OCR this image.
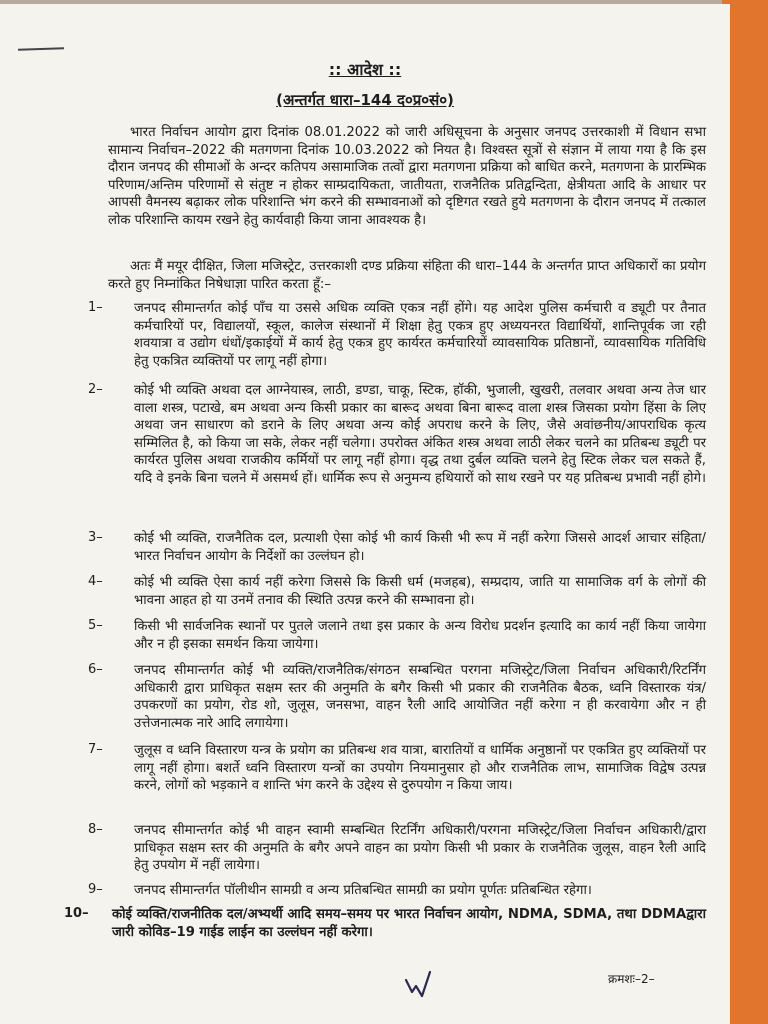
:: आदेश ::
(अन्तर्गत धारा–144 द०प्र०सं०)
भारत निर्वाचन आयोग द्वारा दिनांक 08.01.2022 को जारी अधिसूचना के अनुसार जनपद उत्तरकाशी में विधान सभा सामान्य निर्वाचन–2022 की मतगणना दिनांक 10.03.2022 को नियत है। विश्वस्त सूत्रों से संज्ञान में लाया गया है कि इस दौरान जनपद की सीमाओं के अन्दर कतिपय असामाजिक तत्वों द्वारा मतगणना प्रक्रिया को बाधित करने, मतगणना के प्रारम्भिक परिणाम/अन्तिम परिणामों से संतुष्ट न होकर साम्प्रदायिकता, जातीयता, राजनैतिक प्रतिद्वन्दिता, क्षेत्रीयता आदि के आधार पर आपसी वैमनस्य बढ़ाकर लोक परिशान्ति भंग करने की सम्भावनाओं को दृष्टिगत रखते हुये मतगणना के दौरान जनपद में तत्काल लोक परिशान्ति कायम रखने हेतु कार्यवाही किया जाना आवश्यक है।
अतः मैं मयूर दीक्षित, जिला मजिस्ट्रेट, उत्तरकाशी दण्ड प्रक्रिया संहिता की धारा–144 के अन्तर्गत प्राप्त अधिकारों का प्रयोग करते हुए निम्नांकित निषेधाज्ञा पारित करता हूँ:–
1– जनपद सीमान्तर्गत कोई पाँच या उससे अधिक व्यक्ति एकत्र नहीं होंगे। यह आदेश पुलिस कर्मचारी व ड्यूटी पर तैनात कर्मचारियों पर, विद्यालयों, स्कूल, कालेज संस्थानों में शिक्षा हेतु एकत्र हुए अध्ययनरत विद्यार्थियों, शान्तिपूर्वक जा रही शवयात्रा व उद्योग धंधों/इकाईयों में कार्य हेतु एकत्र हुए कार्यरत कर्मचारियों व्यावसायिक प्रतिष्ठानों, व्यावसायिक गतिविधि हेतु एकत्रित व्यक्तियों पर लागू नहीं होगा।
2– कोई भी व्यक्ति अथवा दल आग्नेयास्त्र, लाठी, डण्डा, चाकू, स्टिक, हॉकी, भुजाली, खुखरी, तलवार अथवा अन्य तेज धार वाला शस्त्र, पटाखे, बम अथवा अन्य किसी प्रकार का बारूद अथवा बिना बारूद वाला शस्त्र जिसका प्रयोग हिंसा के लिए अथवा जन साधारण को डराने के लिए अथवा अन्य कोई अपराध करने के लिए, जैसे अवांछनीय/आपराधिक कृत्य सम्मिलित है, को किया जा सके, लेकर नहीं चलेगा। उपरोक्त अंकित शस्त्र अथवा लाठी लेकर चलने का प्रतिबन्ध ड्यूटी पर कार्यरत पुलिस अथवा राजकीय कर्मियों पर लागू नहीं होगा। वृद्ध तथा दुर्बल व्यक्ति चलने हेतु स्टिक लेकर चल सकते हैं, यदि वे इनके बिना चलने में असमर्थ हों। धार्मिक रूप से अनुमन्य हथियारों को साथ रखने पर यह प्रतिबन्ध प्रभावी नहीं होगे।
3– कोई भी व्यक्ति, राजनैतिक दल, प्रत्याशी ऐसा कोई भी कार्य किसी भी रूप में नहीं करेगा जिससे आदर्श आचार संहिता/भारत निर्वाचन आयोग के निर्देशों का उल्लंघन हो।
4– कोई भी व्यक्ति ऐसा कार्य नहीं करेगा जिससे कि किसी धर्म (मजहब), सम्प्रदाय, जाति या सामाजिक वर्ग के लोगों की भावना आहत हो या उनमें तनाव की स्थिति उत्पन्न करने की सम्भावना हो।
5– किसी भी सार्वजनिक स्थानों पर पुतले जलाने तथा इस प्रकार के अन्य विरोध प्रदर्शन इत्यादि का कार्य नहीं किया जायेगा और न ही इसका समर्थन किया जायेगा।
6– जनपद सीमान्तर्गत कोई भी व्यक्ति/राजनैतिक/संगठन सम्बन्धित परगना मजिस्ट्रेट/जिला निर्वाचन अधिकारी/रिटर्निंग अधिकारी द्वारा प्राधिकृत सक्षम स्तर की अनुमति के बगैर किसी भी प्रकार की राजनैतिक बैठक, ध्वनि विस्तारक यंत्र/उपकरणों का प्रयोग, रोड शो, जुलूस, जनसभा, वाहन रैली आदि आयोजित नहीं करेगा न ही करवायेगा और न ही उत्तेजनात्मक नारे आदि लगायेगा।
7– जुलूस व ध्वनि विस्तारण यन्त्र के प्रयोग का प्रतिबन्ध शव यात्रा, बारातियों व धार्मिक अनुष्ठानों पर एकत्रित हुए व्यक्तियों पर लागू नहीं होगा। बशर्ते ध्वनि विस्तारण यन्त्रों का उपयोग नियमानुसार हो और राजनैतिक लाभ, सामाजिक विद्वेष उत्पन्न करने, लोगों को भड़काने व शान्ति भंग करने के उद्देश्य से दुरुपयोग न किया जाय।
8– जनपद सीमान्तर्गत कोई भी वाहन स्वामी सम्बन्धित रिटर्निंग अधिकारी/परगना मजिस्ट्रेट/जिला निर्वाचन अधिकारी/द्वारा प्राधिकृत सक्षम स्तर की अनुमति के बगैर अपने वाहन का प्रयोग किसी भी प्रकार के राजनैतिक जुलूस, वाहन रैली आदि हेतु उपयोग में नहीं लायेगा।
9– जनपद सीमान्तर्गत पॉलीथीन सामग्री व अन्य प्रतिबन्धित सामग्री का प्रयोग पूर्णतः प्रतिबन्धित रहेगा।
10– कोई व्यक्ति/राजनीतिक दल/अभ्यर्थी आदि समय–समय पर भारत निर्वाचन आयोग, NDMA, SDMA, तथा DDMAद्वारा जारी कोविड–19 गाईड लाईन का उल्लंघन नहीं करेगा।
क्रमशः–2–
